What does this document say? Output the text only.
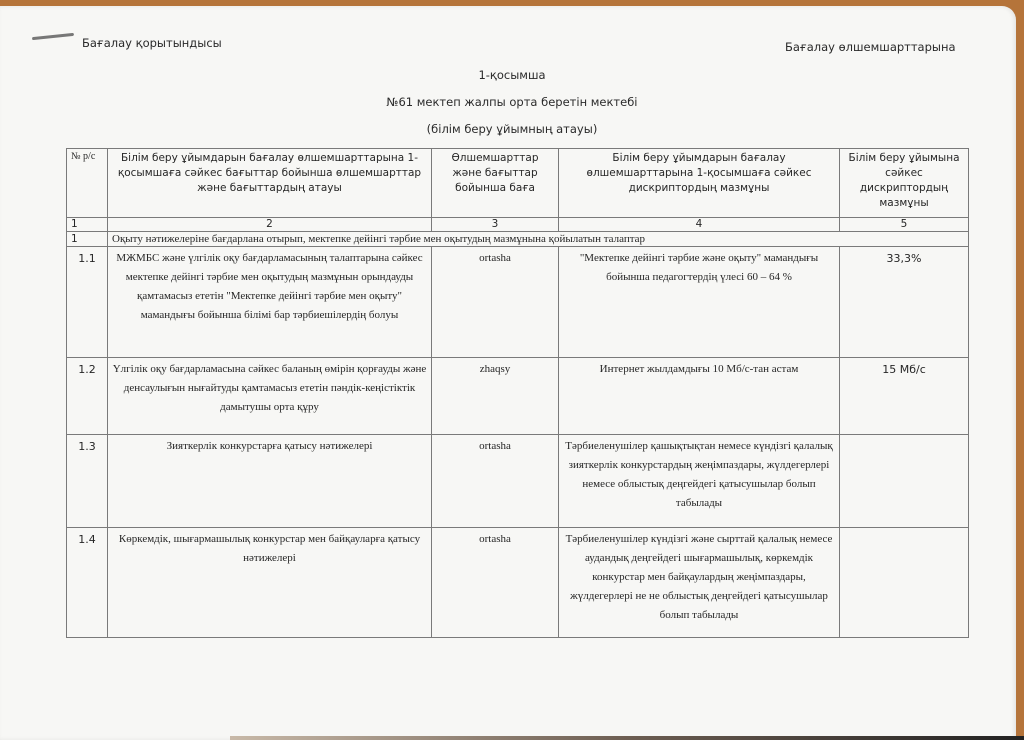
Бағалау қорытындысы	Бағалау өлшемшарттарына
1-қосымша
№61 мектеп жалпы орта беретін мектебі
(білім беру ұйымның атауы)
№ р/с	Білім беру ұйымдарын бағалау өлшемшарттарына 1-қосымшаға сәйкес бағыттар бойынша өлшемшарттар және бағыттардың атауы	Өлшемшарттар және бағыттар бойынша баға	Білім беру ұйымдарын бағалау өлшемшарттарына 1-қосымшаға сәйкес дискриптордың мазмұны	Білім беру ұйымына сәйкес дискриптордың мазмұны
1	2	3	4	5
1	Оқыту нәтижелеріне бағдарлана отырып, мектепке дейінгі тәрбие мен оқытудың мазмұнына қойылатын талаптар			
1.1	МЖМБС және үлгілік оқу бағдарламасының талаптарына сәйкес мектепке дейінгі тәрбие мен оқытудың мазмұнын орындауды қамтамасыз ететін "Мектепке дейінгі тәрбие мен оқыту" мамандығы бойынша білімі бар тәрбиешілердің болуы	ortasha	"Мектепке дейінгі тәрбие және оқыту" мамандығы бойынша педагогтердің үлесі 60 – 64 %	33,3%
1.2	Үлгілік оқу бағдарламасына сәйкес баланың өмірін қорғауды және денсаулығын нығайтуды қамтамасыз ететін пәндік-кеңістіктік дамытушы орта құру	zhaqsy	Интернет жылдамдығы 10 Мб/с-тан астам	15 Мб/с
1.3	Зияткерлік конкурстарға қатысу нәтижелері	ortasha	Тәрбиеленушілер қашықтықтан немесе күндізгі қалалық зияткерлік конкурстардың жеңімпаздары, жүлдегерлері немесе облыстық деңгейдегі қатысушылар болып табылады	
1.4	Көркемдік, шығармашылық конкурстар мен байқауларға қатысу нәтижелері	ortasha	Тәрбиеленушілер күндізгі және сырттай қалалық немесе аудандық деңгейдегі шығармашылық, көркемдік конкурстар мен байқаулардың жеңімпаздары, жүлдегерлері не не облыстық деңгейдегі қатысушылар болып табылады	
